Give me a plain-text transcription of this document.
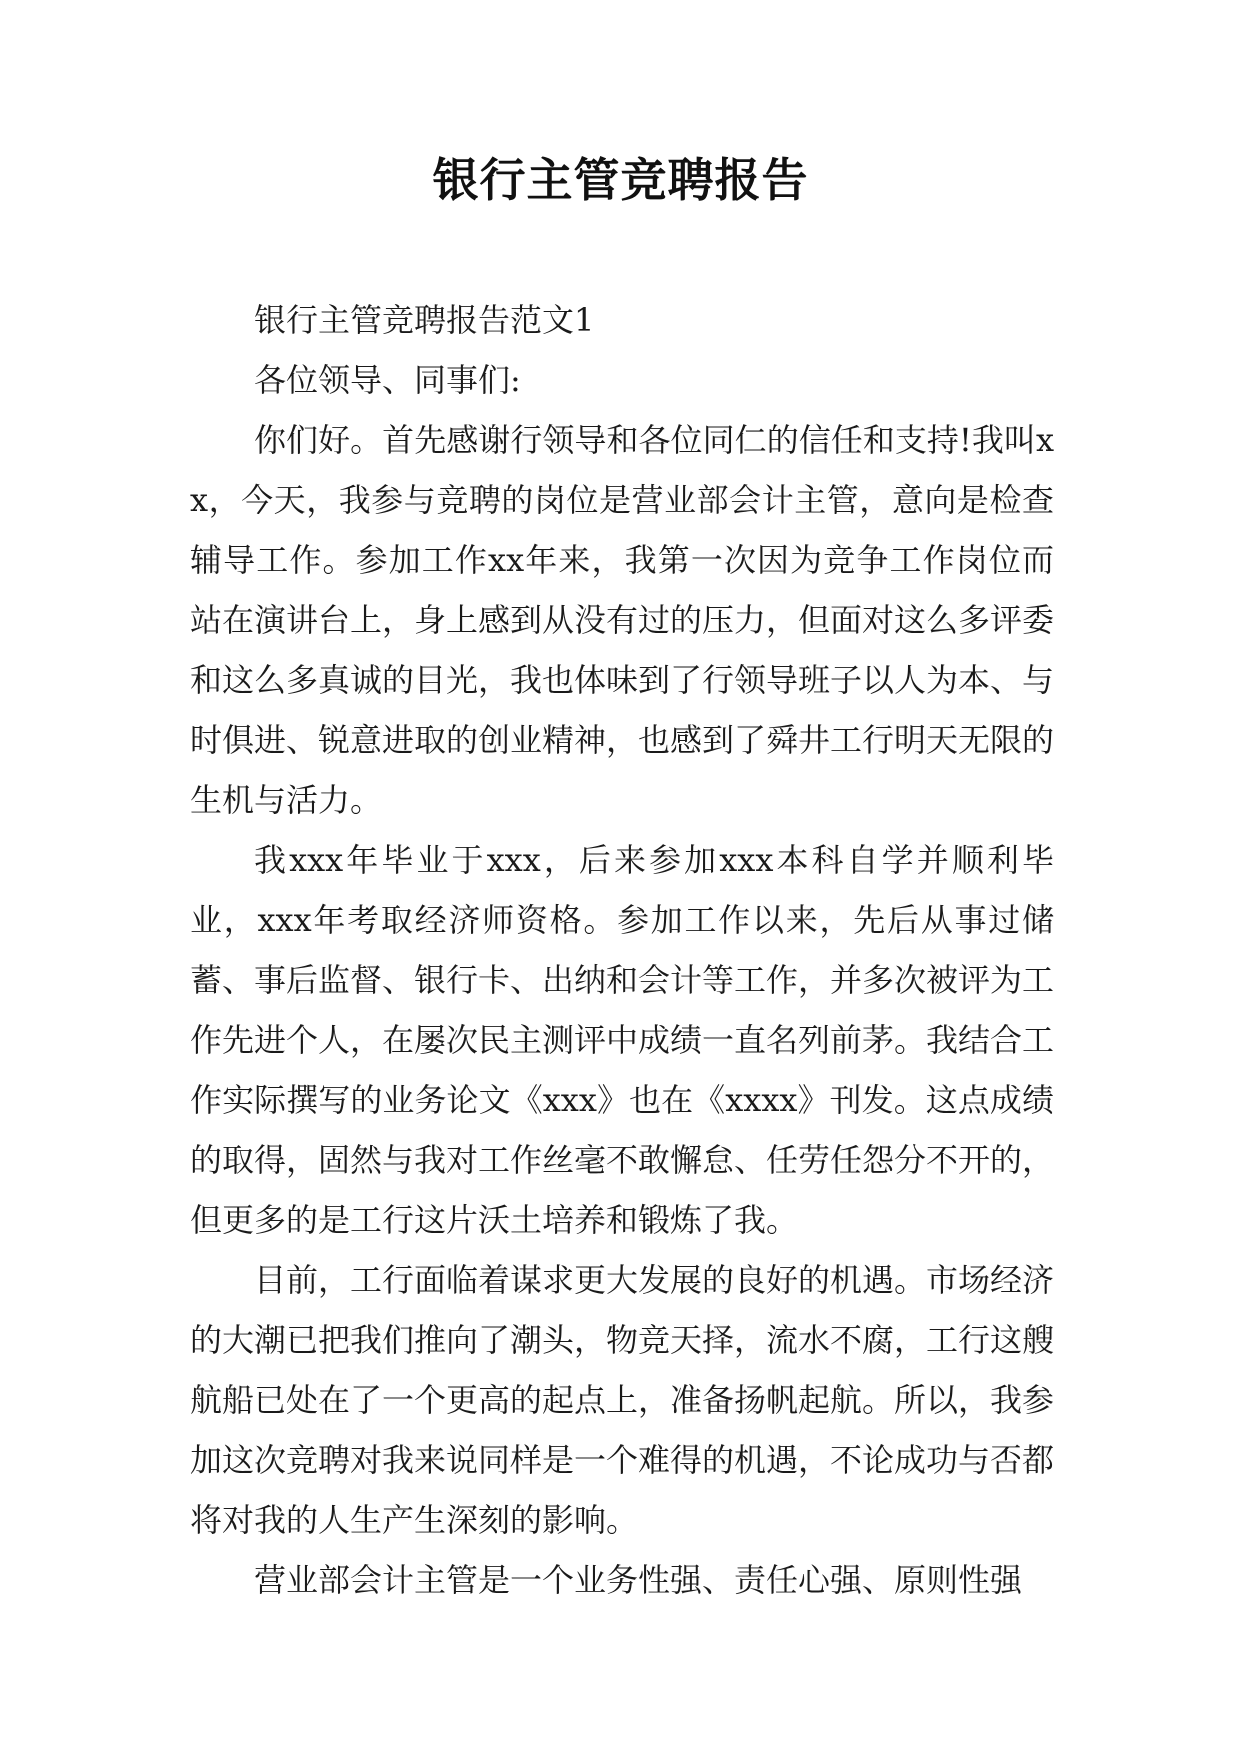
银行主管竞聘报告

银行主管竞聘报告范文1

各位领导、同事们:

你们好。首先感谢行领导和各位同仁的信任和支持!我叫xx，今天，我参与竞聘的岗位是营业部会计主管，意向是检查辅导工作。参加工作xx年来，我第一次因为竞争工作岗位而站在演讲台上，身上感到从没有过的压力，但面对这么多评委和这么多真诚的目光，我也体味到了行领导班子以人为本、与时俱进、锐意进取的创业精神，也感到了舜井工行明天无限的生机与活力。

我xxx年毕业于xxx，后来参加xxx本科自学并顺利毕业，xxx年考取经济师资格。参加工作以来，先后从事过储蓄、事后监督、银行卡、出纳和会计等工作，并多次被评为工作先进个人，在屡次民主测评中成绩一直名列前茅。我结合工作实际撰写的业务论文《xxx》也在《xxxx》刊发。这点成绩的取得，固然与我对工作丝毫不敢懈怠、任劳任怨分不开的，但更多的是工行这片沃土培养和锻炼了我。

目前，工行面临着谋求更大发展的良好的机遇。市场经济的大潮已把我们推向了潮头，物竞天择，流水不腐，工行这艘航船已处在了一个更高的起点上，准备扬帆起航。所以，我参加这次竞聘对我来说同样是一个难得的机遇，不论成功与否都将对我的人生产生深刻的影响。

营业部会计主管是一个业务性强、责任心强、原则性强
